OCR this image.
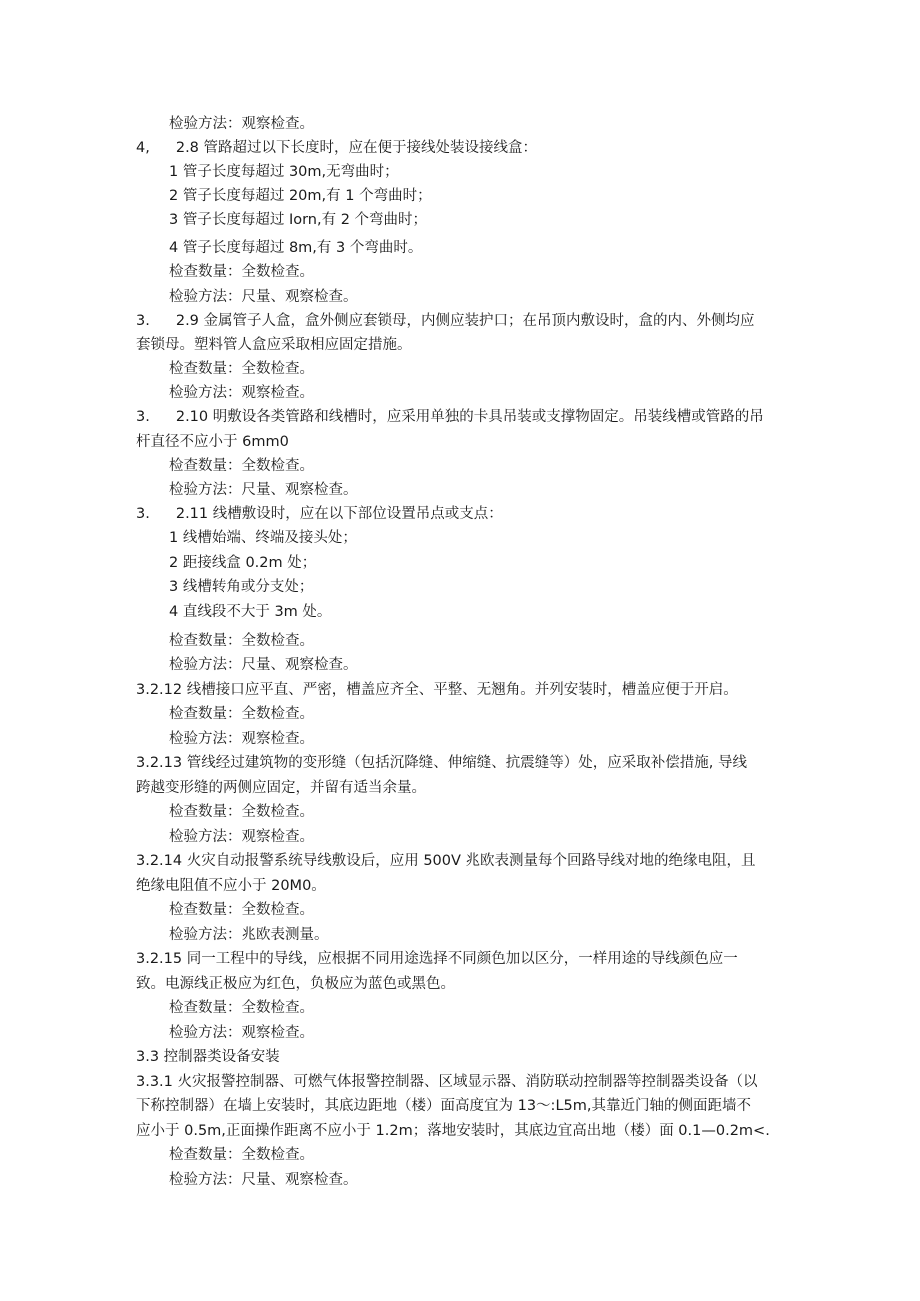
检验方法：观察检查。
4, 2.8 管路超过以下长度时，应在便于接线处装设接线盒：
1 管子长度每超过 30m,无弯曲时；
2 管子长度每超过 20m,有 1 个弯曲时；
3 管子长度每超过 Iorn,有 2 个弯曲时；
4 管子长度每超过 8m,有 3 个弯曲时。
检查数量：全数检查。
检验方法：尺量、观察检查。
3. 2.9 金属管子人盒，盒外侧应套锁母，内侧应装护口；在吊顶内敷设时，盒的内、外侧均应
套锁母。塑料管人盒应采取相应固定措施。
检查数量：全数检查。
检验方法：观察检查。
3. 2.10 明敷设各类管路和线槽时，应采用单独的卡具吊装或支撑物固定。吊装线槽或管路的吊
杆直径不应小于 6mm0
检查数量：全数检查。
检验方法：尺量、观察检查。
3. 2.11 线槽敷设时，应在以下部位设置吊点或支点：
1 线槽始端、终端及接头处；
2 距接线盒 0.2m 处；
3 线槽转角或分支处；
4 直线段不大于 3m 处。
检查数量：全数检查。
检验方法：尺量、观察检查。
3.2.12 线槽接口应平直、严密，槽盖应齐全、平整、无翘角。并列安装时，槽盖应便于开启。
检查数量：全数检查。
检验方法：观察检查。
3.2.13 管线经过建筑物的变形缝（包括沉降缝、伸缩缝、抗震缝等）处，应采取补偿措施, 导线
跨越变形缝的两侧应固定，并留有适当余量。
检查数量：全数检查。
检验方法：观察检查。
3.2.14 火灾自动报警系统导线敷设后，应用 500V 兆欧表测量每个回路导线对地的绝缘电阻，且
绝缘电阻值不应小于 20M0。
检查数量：全数检查。
检验方法：兆欧表测量。
3.2.15 同一工程中的导线，应根据不同用途选择不同颜色加以区分，一样用途的导线颜色应一
致。电源线正极应为红色，负极应为蓝色或黑色。
检查数量：全数检查。
检验方法：观察检查。
3.3 控制器类设备安装
3.3.1 火灾报警控制器、可燃气体报警控制器、区域显示器、消防联动控制器等控制器类设备（以
下称控制器）在墙上安装时，其底边距地（楼）面高度宜为 13～:L5m,其靠近门轴的侧面距墙不
应小于 0.5m,正面操作距离不应小于 1.2m；落地安装时，其底边宜高出地（楼）面 0.1—0.2m<.
检查数量：全数检查。
检验方法：尺量、观察检查。
